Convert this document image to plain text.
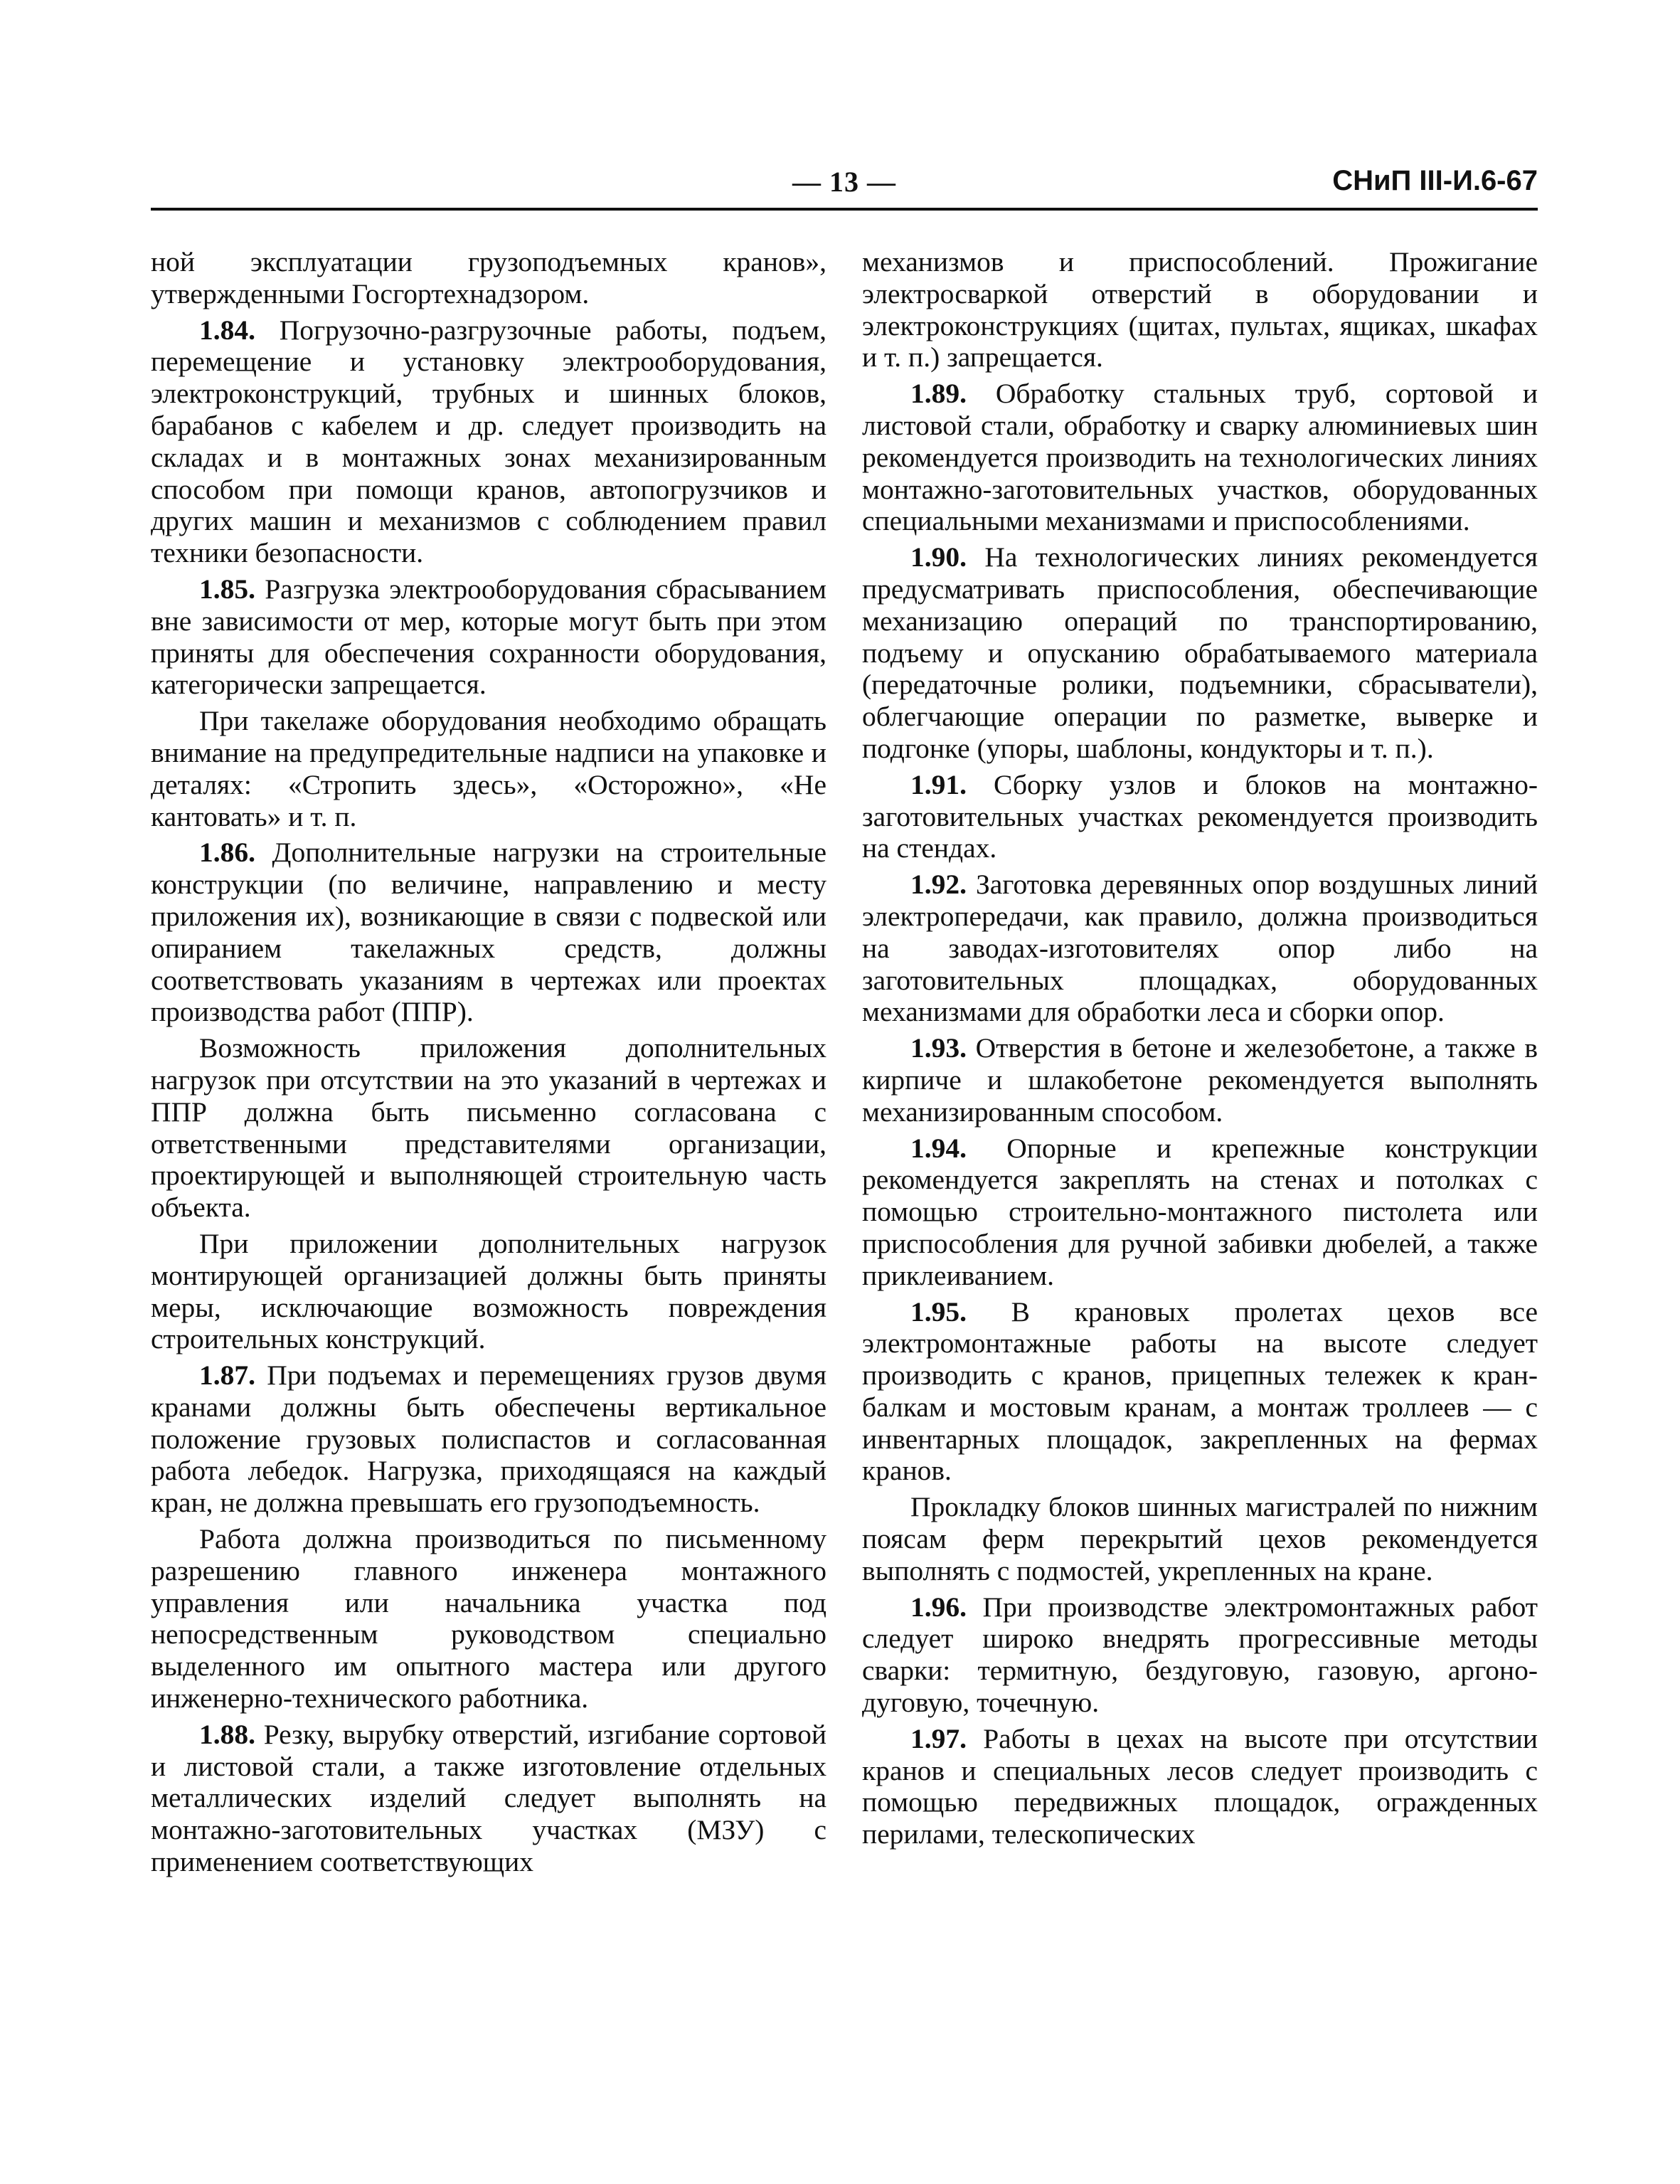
— 13 —	СНиП III-И.6-67

ной эксплуатации грузоподъемных кранов», утвержденными Госгортехнадзором.

1.84. Погрузочно-разгрузочные работы, подъем, перемещение и установку электрооборудования, электроконструкций, трубных и шинных блоков, барабанов с кабелем и др. следует производить на складах и в монтажных зонах механизированным способом при помощи кранов, автопогрузчиков и других машин и механизмов с соблюдением правил техники безопасности.

1.85. Разгрузка электрооборудования сбрасыванием вне зависимости от мер, которые могут быть при этом приняты для обеспечения сохранности оборудования, категорически запрещается.

При такелаже оборудования необходимо обращать внимание на предупредительные надписи на упаковке и деталях: «Стропить здесь», «Осторожно», «Не кантовать» и т. п.

1.86. Дополнительные нагрузки на строительные конструкции (по величине, направлению и месту приложения их), возникающие в связи с подвеской или опиранием такелажных средств, должны соответствовать указаниям в чертежах или проектах производства работ (ППР).

Возможность приложения дополнительных нагрузок при отсутствии на это указаний в чертежах и ППР должна быть письменно согласована с ответственными представителями организации, проектирующей и выполняющей строительную часть объекта.

При приложении дополнительных нагрузок монтирующей организацией должны быть приняты меры, исключающие возможность повреждения строительных конструкций.

1.87. При подъемах и перемещениях грузов двумя кранами должны быть обеспечены вертикальное положение грузовых полиспастов и согласованная работа лебедок. Нагрузка, приходящаяся на каждый кран, не должна превышать его грузоподъемность.

Работа должна производиться по письменному разрешению главного инженера монтажного управления или начальника участка под непосредственным руководством специально выделенного им опытного мастера или другого инженерно-технического работника.

1.88. Резку, вырубку отверстий, изгибание сортовой и листовой стали, а также изготовление отдельных металлических изделий следует выполнять на монтажно-заготовительных участках (МЗУ) с применением соответствующих

механизмов и приспособлений. Прожигание электросваркой отверстий в оборудовании и электроконструкциях (щитах, пультах, ящиках, шкафах и т. п.) запрещается.

1.89. Обработку стальных труб, сортовой и листовой стали, обработку и сварку алюминиевых шин рекомендуется производить на технологических линиях монтажно-заготовительных участков, оборудованных специальными механизмами и приспособлениями.

1.90. На технологических линиях рекомендуется предусматривать приспособления, обеспечивающие механизацию операций по транспортированию, подъему и опусканию обрабатываемого материала (передаточные ролики, подъемники, сбрасыватели), облегчающие операции по разметке, выверке и подгонке (упоры, шаблоны, кондукторы и т. п.).

1.91. Сборку узлов и блоков на монтажно-заготовительных участках рекомендуется производить на стендах.

1.92. Заготовка деревянных опор воздушных линий электропередачи, как правило, должна производиться на заводах-изготовителях опор либо на заготовительных площадках, оборудованных механизмами для обработки леса и сборки опор.

1.93. Отверстия в бетоне и железобетоне, а также в кирпиче и шлакобетоне рекомендуется выполнять механизированным способом.

1.94. Опорные и крепежные конструкции рекомендуется закреплять на стенах и потолках с помощью строительно-монтажного пистолета или приспособления для ручной забивки дюбелей, а также приклеиванием.

1.95. В крановых пролетах цехов все электромонтажные работы на высоте следует производить с кранов, прицепных тележек к кран-балкам и мостовым кранам, а монтаж троллеев — с инвентарных площадок, закрепленных на фермах кранов.

Прокладку блоков шинных магистралей по нижним поясам ферм перекрытий цехов рекомендуется выполнять с подмостей, укрепленных на кране.

1.96. При производстве электромонтажных работ следует широко внедрять прогрессивные методы сварки: термитную, бездуговую, газовую, аргоно-дуговую, точечную.

1.97. Работы в цехах на высоте при отсутствии кранов и специальных лесов следует производить с помощью передвижных площадок, огражденных перилами, телескопических
